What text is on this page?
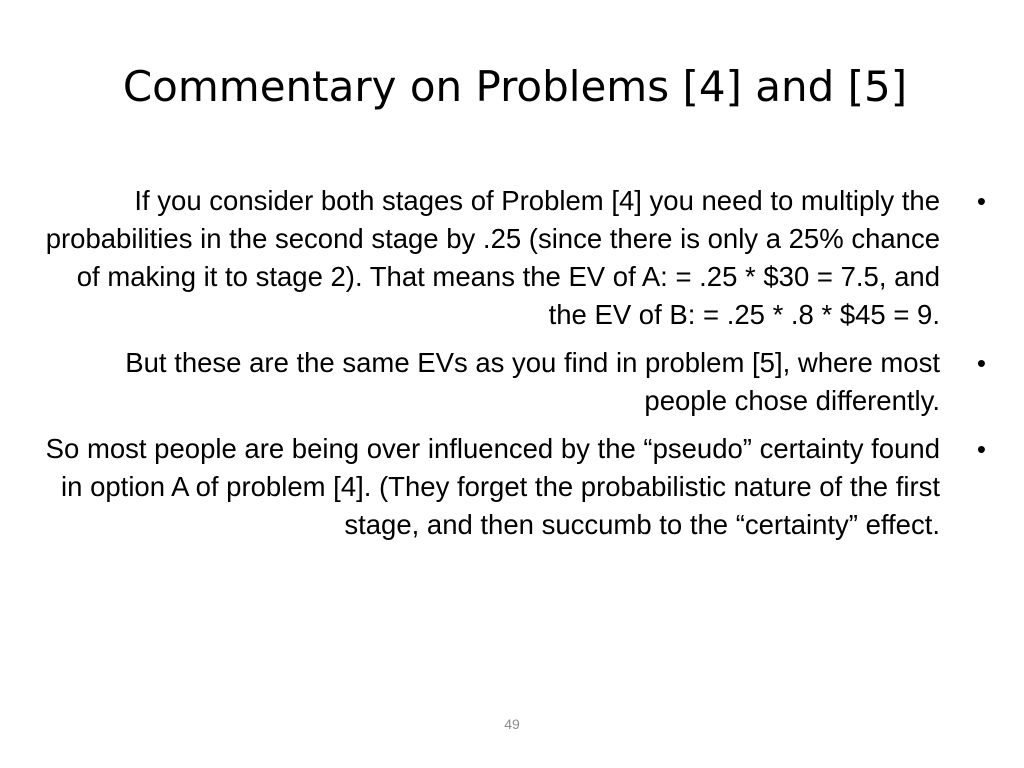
Commentary on Problems [4] and [5]
If you consider both stages of Problem [4] you need to multiply the probabilities in the second stage by .25 (since there is only a 25% chance of making it to stage 2). That means the EV of A: = .25 * $30 = 7.5, and the EV of B: = .25 * .8 * $45 = 9.
•
But these are the same EVs as you find in problem [5], where most people chose differently.
•
So most people are being over influenced by the “pseudo” certainty found in option A of problem [4]. (They forget the probabilistic nature of the first stage, and then succumb to the “certainty” effect.
•
49
